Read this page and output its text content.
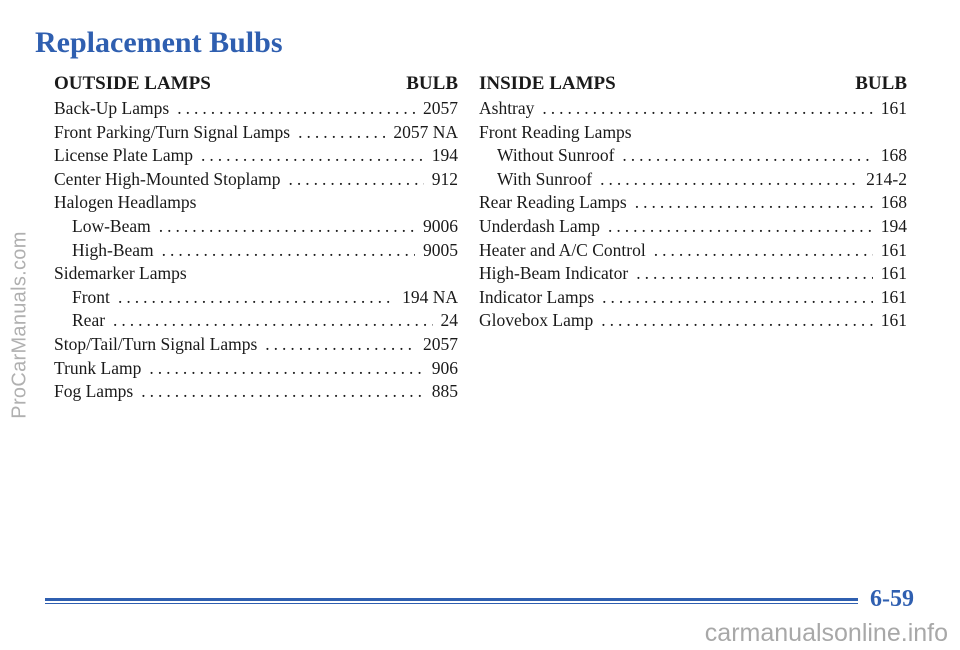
ProCarManuals.com
Replacement Bulbs
OUTSIDE LAMPS	BULB
Back-Up Lamps .....	2057
Front Parking/Turn Signal Lamps .....	2057 NA
License Plate Lamp .....	194
Center High-Mounted Stoplamp .....	912
Halogen Headlamps
Low-Beam .....	9006
High-Beam .....	9005
Sidemarker Lamps
Front .....	194 NA
Rear .....	24
Stop/Tail/Turn Signal Lamps .....	2057
Trunk Lamp .....	906
Fog Lamps .....	885
INSIDE LAMPS	BULB
Ashtray .....	161
Front Reading Lamps
Without Sunroof .....	168
With Sunroof .....	214-2
Rear Reading Lamps .....	168
Underdash Lamp .....	194
Heater and A/C Control .....	161
High-Beam Indicator .....	161
Indicator Lamps .....	161
Glovebox Lamp .....	161
6-59
carmanualsonline.info
